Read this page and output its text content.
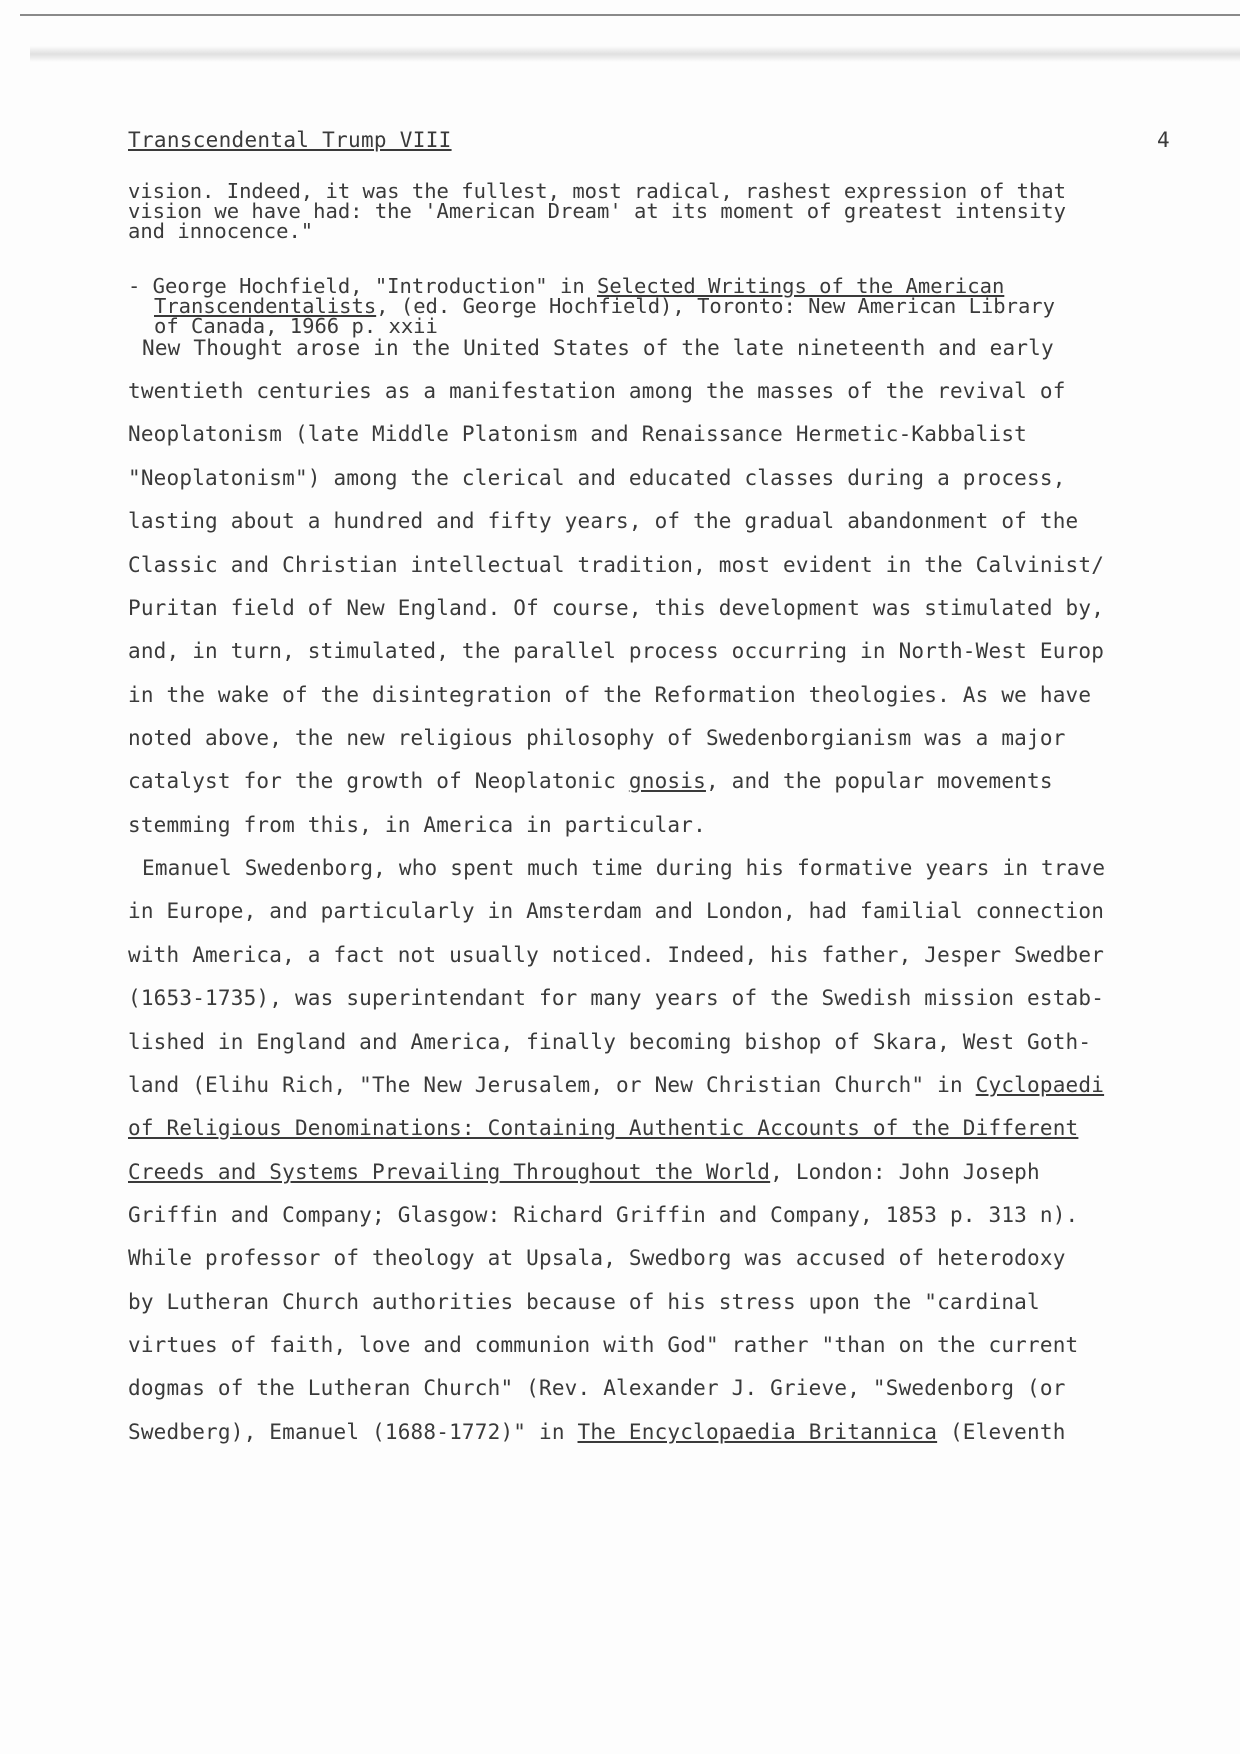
Transcendental Trump VIII	4
vision. Indeed, it was the fullest, most radical, rashest expression of that
vision we have had: the 'American Dream' at its moment of greatest intensity
and innocence."
- George Hochfield, "Introduction" in Selected Writings of the American
Transcendentalists, (ed. George Hochfield), Toronto: New American Library
of Canada, 1966 p. xxii
New Thought arose in the United States of the late nineteenth and early
twentieth centuries as a manifestation among the masses of the revival of
Neoplatonism (late Middle Platonism and Renaissance Hermetic-Kabbalist
"Neoplatonism") among the clerical and educated classes during a process,
lasting about a hundred and fifty years, of the gradual abandonment of the
Classic and Christian intellectual tradition, most evident in the Calvinist/
Puritan field of New England. Of course, this development was stimulated by,
and, in turn, stimulated, the parallel process occurring in North-West Europ
in the wake of the disintegration of the Reformation theologies. As we have
noted above, the new religious philosophy of Swedenborgianism was a major
catalyst for the growth of Neoplatonic gnosis, and the popular movements
stemming from this, in America in particular.
Emanuel Swedenborg, who spent much time during his formative years in trave
in Europe, and particularly in Amsterdam and London, had familial connection
with America, a fact not usually noticed. Indeed, his father, Jesper Swedber
(1653-1735), was superintendant for many years of the Swedish mission estab-
lished in England and America, finally becoming bishop of Skara, West Goth-
land (Elihu Rich, "The New Jerusalem, or New Christian Church" in Cyclopaedi
of Religious Denominations: Containing Authentic Accounts of the Different
Creeds and Systems Prevailing Throughout the World, London: John Joseph
Griffin and Company; Glasgow: Richard Griffin and Company, 1853 p. 313 n).
While professor of theology at Upsala, Swedborg was accused of heterodoxy
by Lutheran Church authorities because of his stress upon the "cardinal
virtues of faith, love and communion with God" rather "than on the current
dogmas of the Lutheran Church" (Rev. Alexander J. Grieve, "Swedenborg (or
Swedberg), Emanuel (1688-1772)" in The Encyclopaedia Britannica (Eleventh
